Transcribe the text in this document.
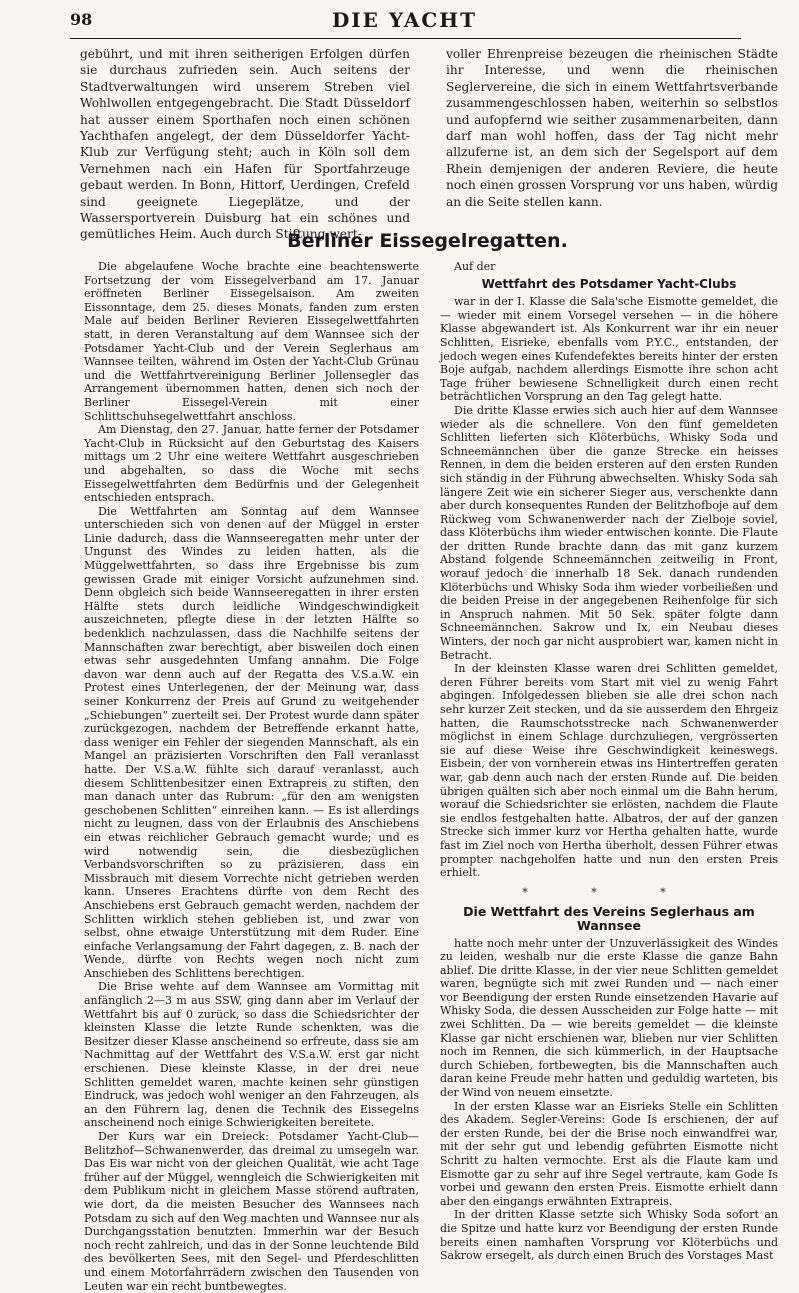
98	DIE YACHT
gebührt, und mit ihren seitherigen Erfolgen dürfen sie durchaus zufrieden sein. Auch seitens der Stadtverwaltungen wird unserem Streben viel Wohlwollen entgegengebracht. Die Stadt Düsseldorf hat ausser einem Sporthafen noch einen schönen Yachthafen angelegt, der dem Düsseldorfer Yacht-Klub zur Verfügung steht; auch in Köln soll dem Vernehmen nach ein Hafen für Sportfahrzeuge gebaut werden. In Bonn, Hittorf, Uerdingen, Crefeld sind geeignete Liegeplätze, und der Wassersportverein Duisburg hat ein schönes und gemütliches Heim. Auch durch Stiftung wert-
voller Ehrenpreise bezeugen die rheinischen Städte ihr Interesse, und wenn die rheinischen Seglervereine, die sich in einem Wettfahrtsverbande zusammengeschlossen haben, weiterhin so selbstlos und aufopfernd wie seither zusammenarbeiten, dann darf man wohl hoffen, dass der Tag nicht mehr allzuferne ist, an dem sich der Segelsport auf dem Rhein demjenigen der anderen Reviere, die heute noch einen grossen Vorsprung vor uns haben, würdig an die Seite stellen kann.
Berliner Eissegelregatten.

Die abgelaufene Woche brachte eine beachtenswerte Fortsetzung der vom Eissegelverband am 17. Januar eröffneten Berliner Eissegelsaison. Am zweiten Eissonntage, dem 25. dieses Monats, fanden zum ersten Male auf beiden Berliner Revieren Eissegelwettfahrten statt, in deren Veranstaltung auf dem Wannsee sich der Potsdamer Yacht-Club und der Verein Seglerhaus am Wannsee teilten, während im Osten der Yacht-Club Grünau und die Wettfahrtvereinigung Berliner Jollensegler das Arrangement übernommen hatten, denen sich noch der Berliner Eissegel-Verein mit einer Schlittschuhsegelwettfahrt anschloss.

Am Dienstag, den 27. Januar, hatte ferner der Potsdamer Yacht-Club in Rücksicht auf den Geburtstag des Kaisers mittags um 2 Uhr eine weitere Wettfahrt ausgeschrieben und abgehalten, so dass die Woche mit sechs Eissegelwettfahrten dem Bedürfnis und der Gelegenheit entschieden entsprach.

Die Wettfahrten am Sonntag auf dem Wannsee unterschieden sich von denen auf der Müggel in erster Linie dadurch, dass die Wannseeregatten mehr unter der Ungunst des Windes zu leiden hatten, als die Müggelwettfahrten, so dass ihre Ergebnisse bis zum gewissen Grade mit einiger Vorsicht aufzunehmen sind. Denn obgleich sich beide Wannseeregatten in ihrer ersten Hälfte stets durch leidliche Windgeschwindigkeit auszeichneten, pflegte diese in der letzten Hälfte so bedenklich nachzulassen, dass die Nachhilfe seitens der Mannschaften zwar berechtigt, aber bisweilen doch einen etwas sehr ausgedehnten Umfang annahm. Die Folge davon war denn auch auf der Regatta des V.S.a.W. ein Protest eines Unterlegenen, der der Meinung war, dass seiner Konkurrenz der Preis auf Grund zu weitgehender „Schiebungen“ zuerteilt sei. Der Protest wurde dann später zurückgezogen, nachdem der Betreffende erkannt hatte, dass weniger ein Fehler der siegenden Mannschaft, als ein Mangel an präzisierten Vorschriften den Fall veranlasst hatte. Der V.S.a.W. fühlte sich darauf veranlasst, auch diesem Schlittenbesitzer einen Extrapreis zu stiften, den man danach unter das Rubrum: „für den am wenigsten geschobenen Schlitten“ einreihen kann. — Es ist allerdings nicht zu leugnen, dass von der Erlaubnis des Anschiebens ein etwas reichlicher Gebrauch gemacht wurde; und es wird notwendig sein, die diesbezüglichen Verbandsvorschriften so zu präzisieren, dass ein Missbrauch mit diesem Vorrechte nicht getrieben werden kann. Unseres Erachtens dürfte von dem Recht des Anschiebens erst Gebrauch gemacht werden, nachdem der Schlitten wirklich stehen geblieben ist, und zwar von selbst, ohne etwaige Unterstützung mit dem Ruder. Eine einfache Verlangsamung der Fahrt dagegen, z. B. nach der Wende, dürfte von Rechts wegen noch nicht zum Anschieben des Schlittens berechtigen.

Die Brise wehte auf dem Wannsee am Vormittag mit anfänglich 2—3 m aus SSW, ging dann aber im Verlauf der Wettfahrt bis auf 0 zurück, so dass die Schiedsrichter der kleinsten Klasse die letzte Runde schenkten, was die Besitzer dieser Klasse anscheinend so erfreute, dass sie am Nachmittag auf der Wettfahrt des V.S.a.W. erst gar nicht erschienen. Diese kleinste Klasse, in der drei neue Schlitten gemeldet waren, machte keinen sehr günstigen Eindruck, was jedoch wohl weniger an den Fahrzeugen, als an den Führern lag, denen die Technik des Eissegelns anscheinend noch einige Schwierigkeiten bereitete.

Der Kurs war ein Dreieck: Potsdamer Yacht-Club—Belitzhof—Schwanenwerder, das dreimal zu umsegeln war. Das Eis war nicht von der gleichen Qualität, wie acht Tage früher auf der Müggel, wenngleich die Schwierigkeiten mit dem Publikum nicht in gleichem Masse störend auftraten, wie dort, da die meisten Besucher des Wannsees nach Potsdam zu sich auf den Weg machten und Wannsee nur als Durchgangsstation benutzten. Immerhin war der Besuch noch recht zahlreich, und das in der Sonne leuchtende Bild des bevölkerten Sees, mit den Segel- und Pferdeschlitten und einem Motorfahrrädern zwischen den Tausenden von Leuten war ein recht buntbewegtes.

Auf der

Wettfahrt des Potsdamer Yacht-Clubs

war in der I. Klasse die Sala'sche Eismotte gemeldet, die — wieder mit einem Vorsegel versehen — in die höhere Klasse abgewandert ist. Als Konkurrent war ihr ein neuer Schlitten, Eisrieke, ebenfalls vom P.Y.C., entstanden, der jedoch wegen eines Kufendefektes bereits hinter der ersten Boje aufgab, nachdem allerdings Eismotte ihre schon acht Tage früher bewiesene Schnelligkeit durch einen recht beträchtlichen Vorsprung an den Tag gelegt hatte.

Die dritte Klasse erwies sich auch hier auf dem Wannsee wieder als die schnellere. Von den fünf gemeldeten Schlitten lieferten sich Klöterbüchs, Whisky Soda und Schneemännchen über die ganze Strecke ein heisses Rennen, in dem die beiden ersteren auf den ersten Runden sich ständig in der Führung abwechselten. Whisky Soda sah längere Zeit wie ein sicherer Sieger aus, verschenkte dann aber durch konsequentes Runden der Belitzhofboje auf dem Rückweg vom Schwanenwerder nach der Zielboje soviel, dass Klöterbüchs ihm wieder entwischen konnte. Die Flaute der dritten Runde brachte dann das mit ganz kurzem Abstand folgende Schneemännchen zeitweilig in Front, worauf jedoch die innerhalb 18 Sek. danach rundenden Klöterbüchs und Whisky Soda ihm wieder vorbeiließen und die beiden Preise in der angegebenen Reihenfolge für sich in Anspruch nahmen. Mit 50 Sek. später folgte dann Schneemännchen. Sakrow und Ix, ein Neubau dieses Winters, der noch gar nicht ausprobiert war, kamen nicht in Betracht.

In der kleinsten Klasse waren drei Schlitten gemeldet, deren Führer bereits vom Start mit viel zu wenig Fahrt abgingen. Infolgedessen blieben sie alle drei schon nach sehr kurzer Zeit stecken, und da sie ausserdem den Ehrgeiz hatten, die Raumschotsstrecke nach Schwanenwerder möglichst in einem Schlage durchzuliegen, vergrösserten sie auf diese Weise ihre Geschwindigkeit keineswegs. Eisbein, der von vornherein etwas ins Hintertreffen geraten war, gab denn auch nach der ersten Runde auf. Die beiden übrigen quälten sich aber noch einmal um die Bahn herum, worauf die Schiedsrichter sie erlösten, nachdem die Flaute sie endlos festgehalten hatte. Albatros, der auf der ganzen Strecke sich immer kurz vor Hertha gehalten hatte, wurde fast im Ziel noch von Hertha überholt, dessen Führer etwas prompter nachgeholfen hatte und nun den ersten Preis erhielt.

* * *
Die Wettfahrt des Vereins Seglerhaus am Wannsee

hatte noch mehr unter der Unzuverlässigkeit des Windes zu leiden, weshalb nur die erste Klasse die ganze Bahn ablief. Die dritte Klasse, in der vier neue Schlitten gemeldet waren, begnügte sich mit zwei Runden und — nach einer vor Beendigung der ersten Runde einsetzenden Havarie auf Whisky Soda, die dessen Ausscheiden zur Folge hatte — mit zwei Schlitten. Da — wie bereits gemeldet — die kleinste Klasse gar nicht erschienen war, blieben nur vier Schlitten noch im Rennen, die sich kümmerlich, in der Hauptsache durch Schieben, fortbewegten, bis die Mannschaften auch daran keine Freude mehr hatten und geduldig warteten, bis der Wind von neuem einsetzte.

In der ersten Klasse war an Eisrieks Stelle ein Schlitten des Akadem. Segler-Vereins: Gode Is erschienen, der auf der ersten Runde, bei der die Brise noch einwandfrei war, mit der sehr gut und lebendig geführten Eismotte nicht Schritt zu halten vermochte. Erst als die Flaute kam und Eismotte gar zu sehr auf ihre Segel vertraute, kam Gode Is vorbei und gewann den ersten Preis. Eismotte erhielt dann aber den eingangs erwähnten Extrapreis.

In der dritten Klasse setzte sich Whisky Soda sofort an die Spitze und hatte kurz vor Beendigung der ersten Runde bereits einen namhaften Vorsprung vor Klöterbüchs und Sakrow ersegelt, als durch einen Bruch des Vorstages Mast
